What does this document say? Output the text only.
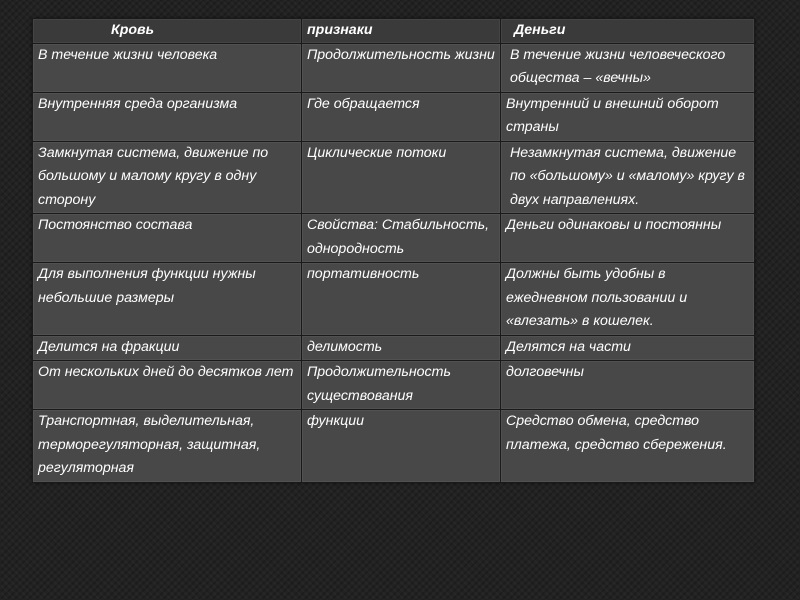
Кровь	признаки	Деньги
В течение жизни человека	Продолжительность жизни	В течение жизни человеческого общества – «вечны»
Внутренняя среда организма	Где обращается	Внутренний и внешний оборот страны
Замкнутая система, движение по большому и малому кругу в одну сторону	Циклические потоки	Незамкнутая система, движение по «большому» и «малому» кругу в двух направлениях.
Постоянство состава	Свойства: Стабильность, однородность	Деньги одинаковы и постоянны
Для выполнения функции нужны небольшие размеры	портативность	Должны быть удобны в ежедневном пользовании и «влезать» в кошелек.
Делится на фракции	делимость	Делятся на части
От нескольких дней до десятков лет	Продолжительность существования	долговечны
Транспортная, выделительная, терморегуляторная, защитная, регуляторная	функции	Средство обмена, средство платежа, средство сбережения.
